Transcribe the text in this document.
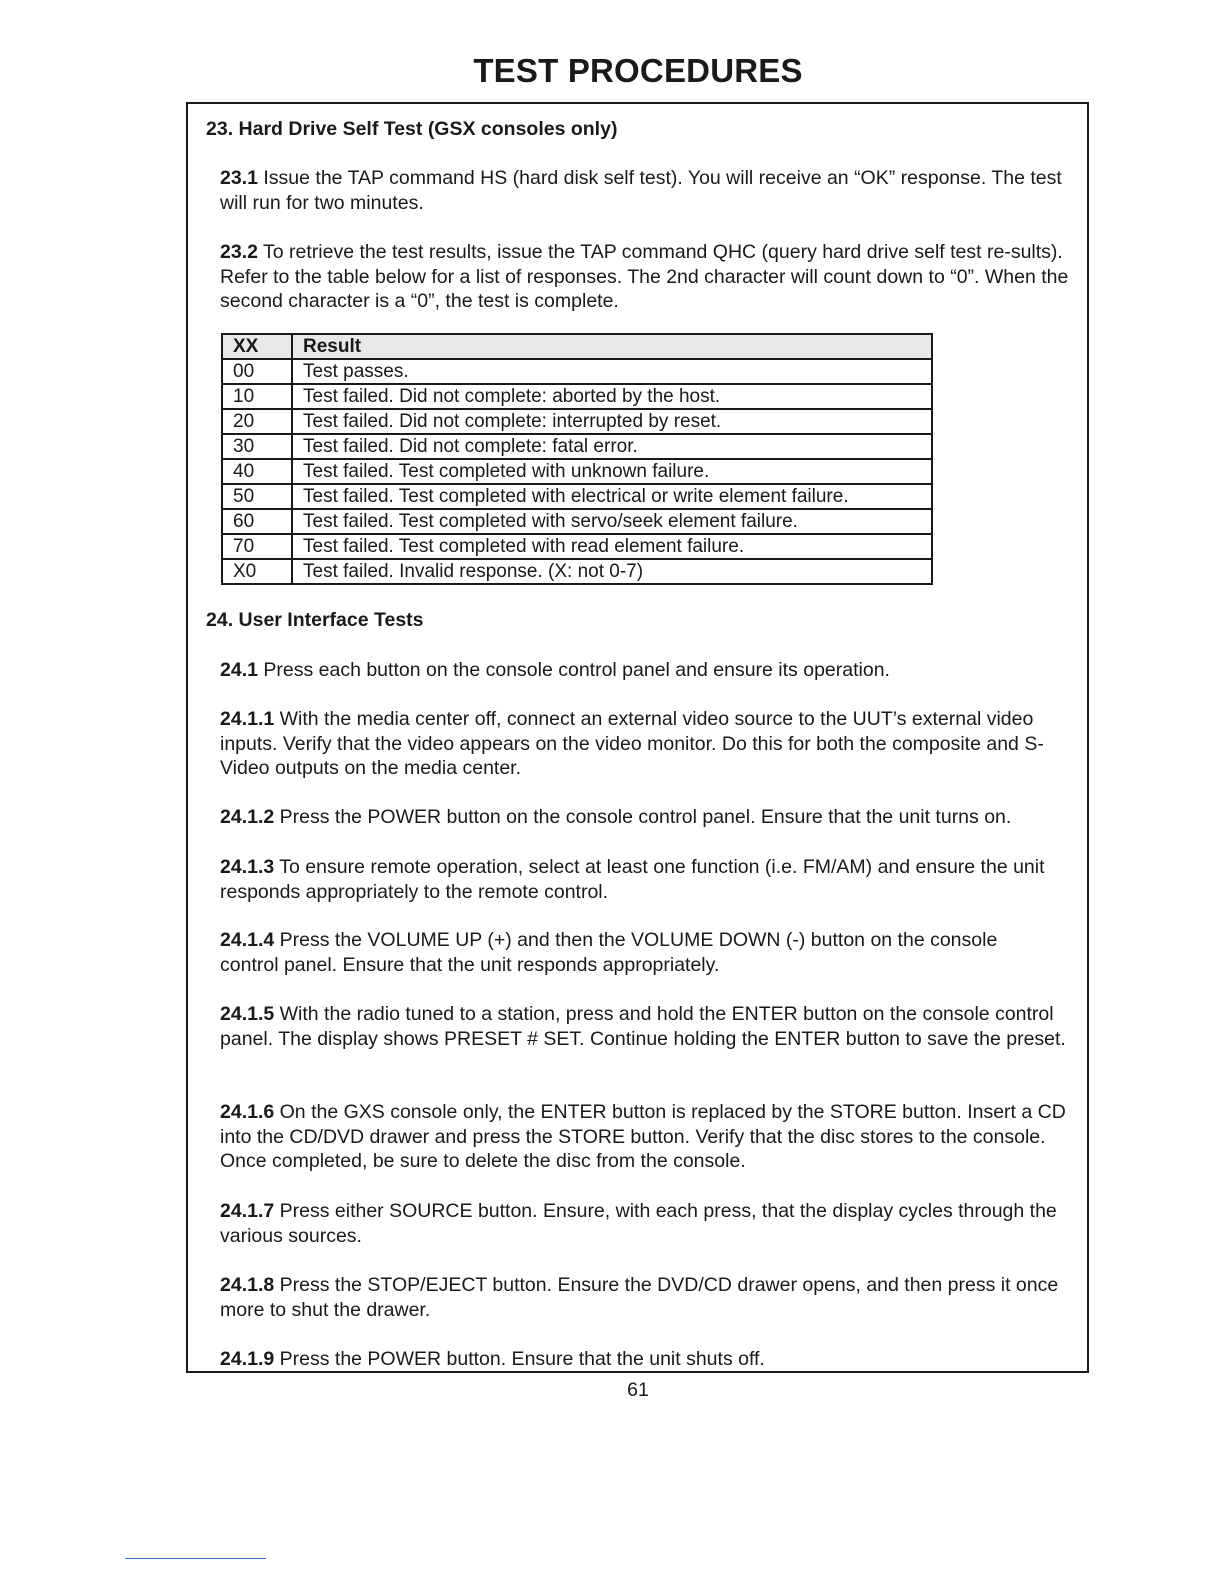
TEST PROCEDURES
23. Hard Drive Self Test (GSX consoles only)
23.1 Issue the TAP command HS (hard disk self test). You will receive an “OK” response. The test will run for two minutes.
23.2 To retrieve the test results, issue the TAP command QHC (query hard drive self test re-sults). Refer to the table below for a list of responses. The 2nd character will count down to “0”. When the second character is a “0”, the test is complete.
XX	Result
00	Test passes.
10	Test failed. Did not complete: aborted by the host.
20	Test failed. Did not complete: interrupted by reset.
30	Test failed. Did not complete: fatal error.
40	Test failed. Test completed with unknown failure.
50	Test failed. Test completed with electrical or write element failure.
60	Test failed. Test completed with servo/seek element failure.
70	Test failed. Test completed with read element failure.
X0	Test failed. Invalid response. (X: not 0-7)
24. User Interface Tests
24.1 Press each button on the console control panel and ensure its operation.
24.1.1 With the media center off, connect an external video source to the UUT’s external video inputs. Verify that the video appears on the video monitor. Do this for both the composite and S-Video outputs on the media center.
24.1.2 Press the POWER button on the console control panel. Ensure that the unit turns on.
24.1.3 To ensure remote operation, select at least one function (i.e. FM/AM) and ensure the unit responds appropriately to the remote control.
24.1.4 Press the VOLUME UP (+) and then the VOLUME DOWN (-) button on the console control panel. Ensure that the unit responds appropriately.
24.1.5 With the radio tuned to a station, press and hold the ENTER button on the console control panel. The display shows PRESET # SET. Continue holding the ENTER button to save the preset.
24.1.6 On the GXS console only, the ENTER button is replaced by the STORE button. Insert a CD into the CD/DVD drawer and press the STORE button. Verify that the disc stores to the console. Once completed, be sure to delete the disc from the console.
24.1.7 Press either SOURCE button. Ensure, with each press, that the display cycles through the various sources.
24.1.8 Press the STOP/EJECT button. Ensure the DVD/CD drawer opens, and then press it once more to shut the drawer.
24.1.9 Press the POWER button. Ensure that the unit shuts off.
61
